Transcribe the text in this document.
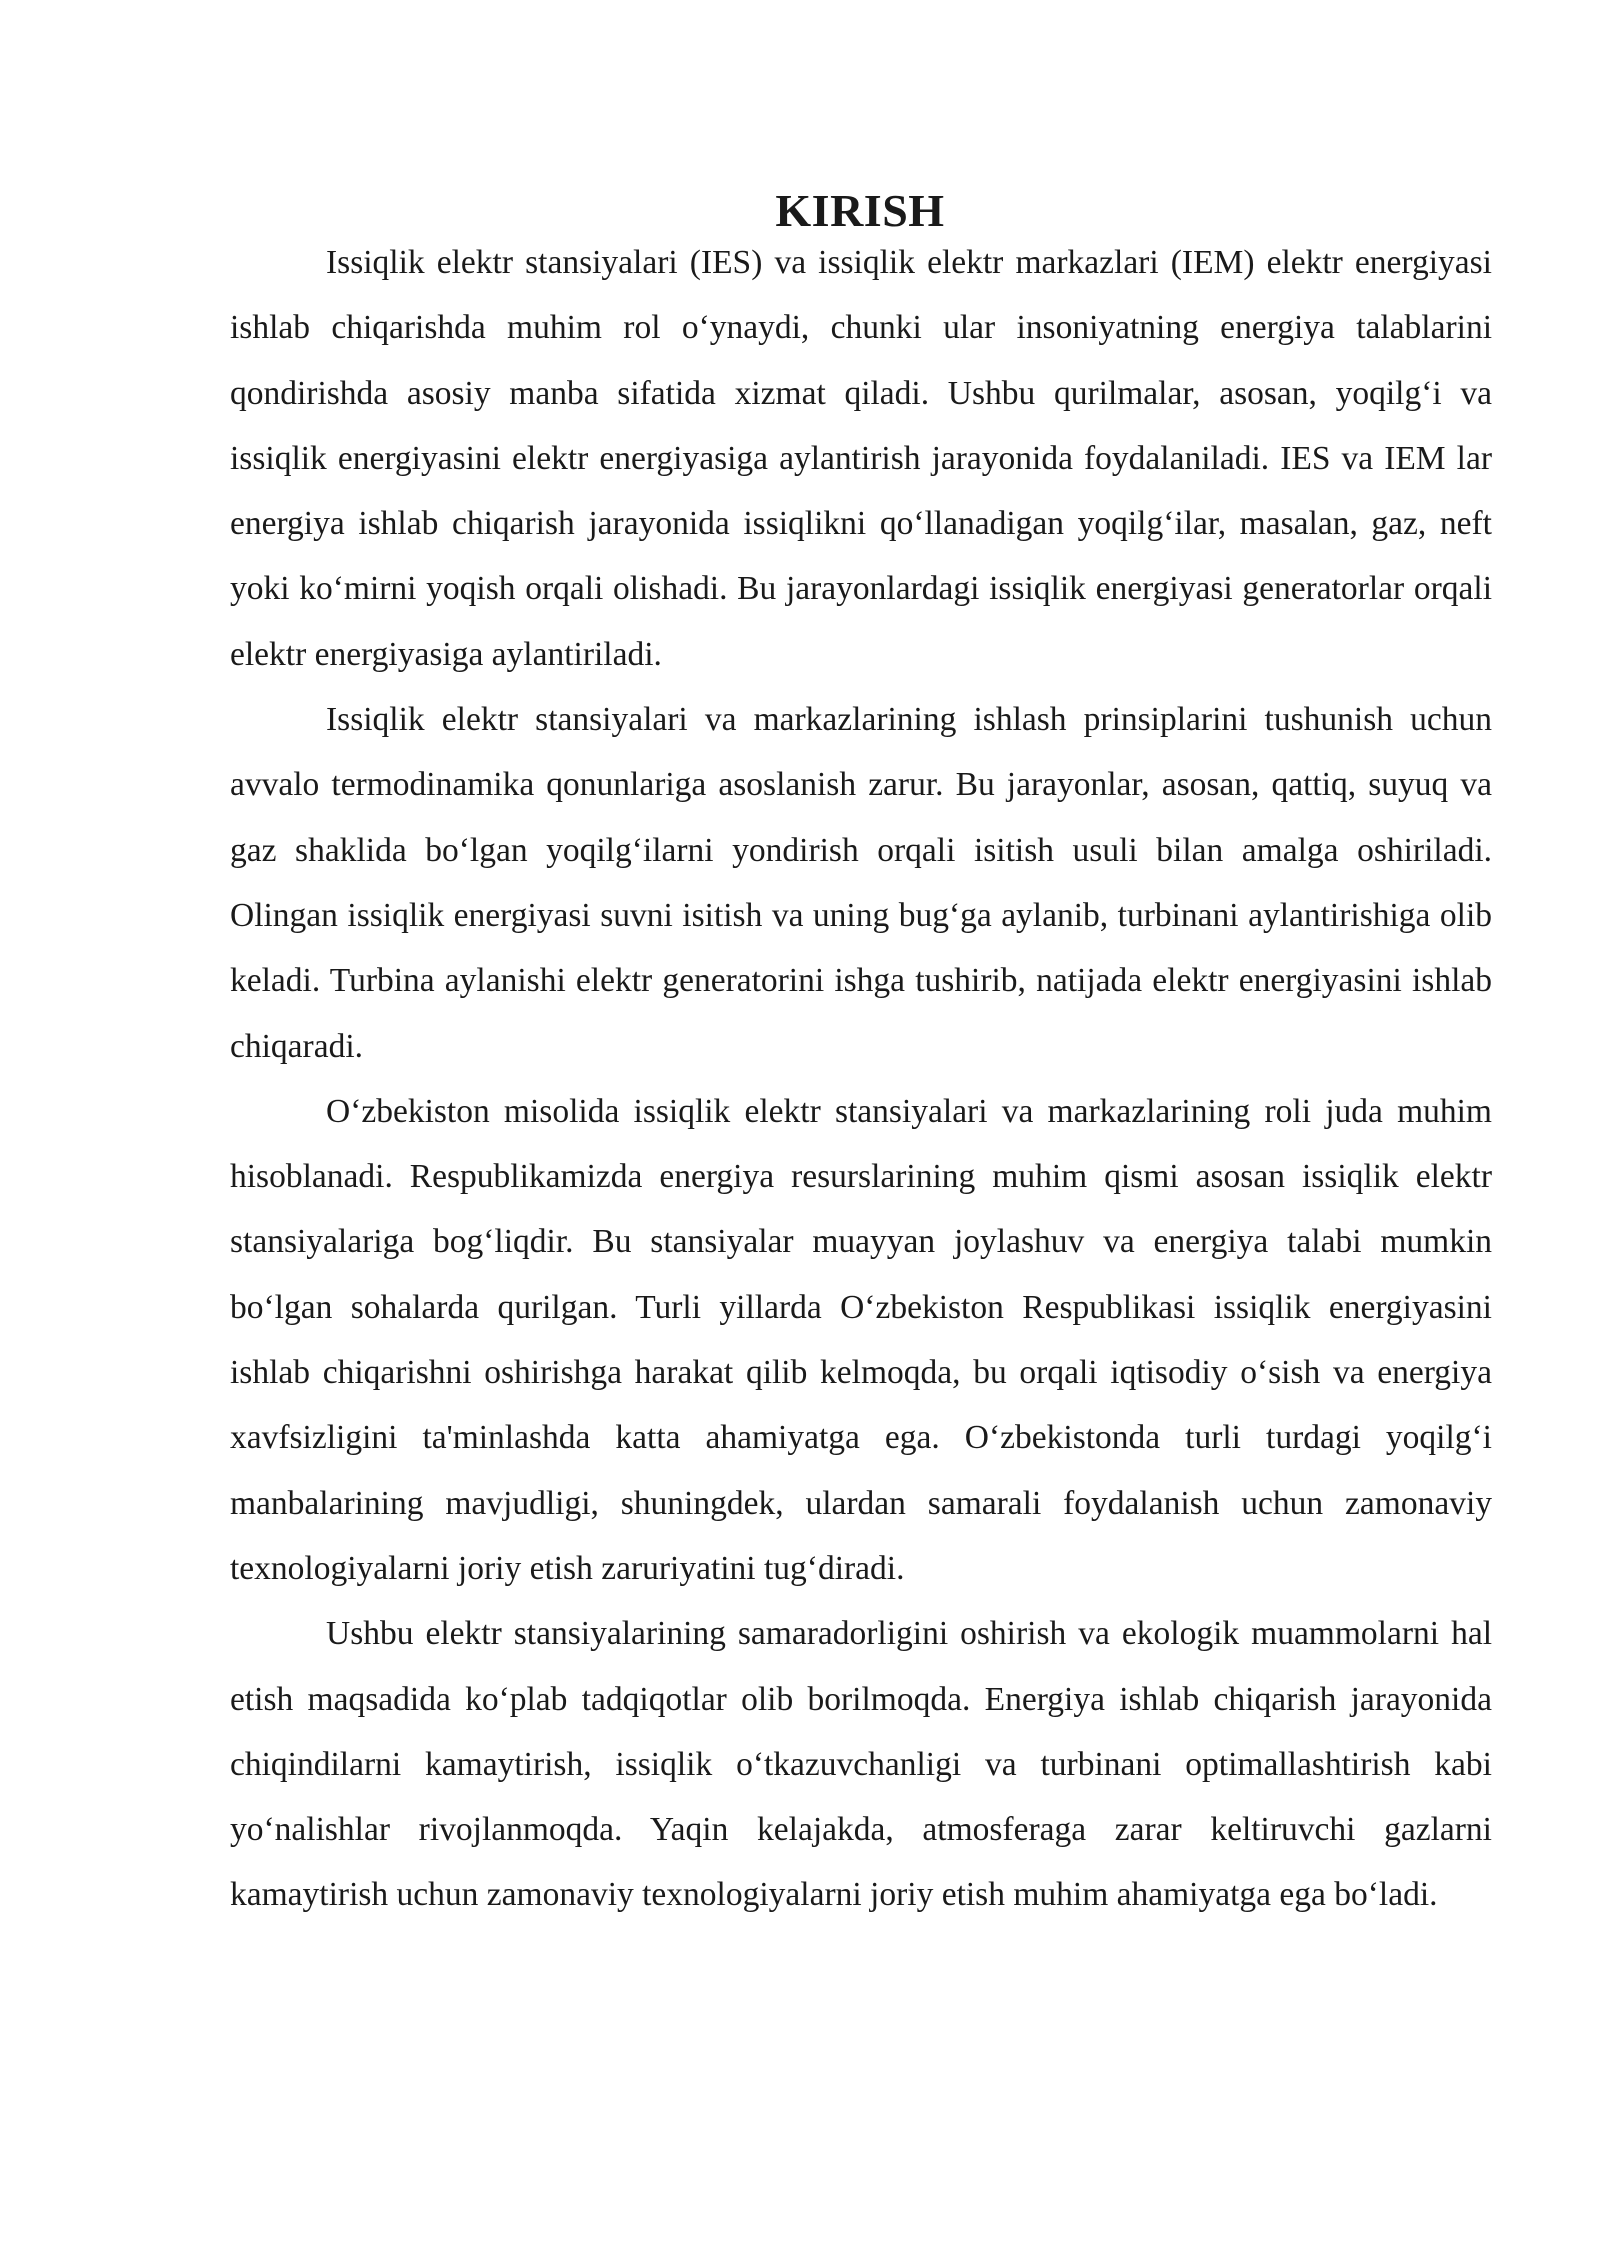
KIRISH

Issiqlik elektr stansiyalari (IES) va issiqlik elektr markazlari (IEM) elektr energiyasi ishlab chiqarishda muhim rol o‘ynaydi, chunki ular insoniyatning energiya talablarini qondirishda asosiy manba sifatida xizmat qiladi. Ushbu qurilmalar, asosan, yoqilg‘i va issiqlik energiyasini elektr energiyasiga aylantirish jarayonida foydalaniladi. IES va IEM lar energiya ishlab chiqarish jarayonida issiqlikni qo‘llanadigan yoqilg‘ilar, masalan, gaz, neft yoki ko‘mirni yoqish orqali olishadi. Bu jarayonlardagi issiqlik energiyasi generatorlar orqali elektr energiyasiga aylantiriladi.

Issiqlik elektr stansiyalari va markazlarining ishlash prinsiplarini tushunish uchun avvalo termodinamika qonunlariga asoslanish zarur. Bu jarayonlar, asosan, qattiq, suyuq va gaz shaklida bo‘lgan yoqilg‘ilarni yondirish orqali isitish usuli bilan amalga oshiriladi. Olingan issiqlik energiyasi suvni isitish va uning bug‘ga aylanib, turbinani aylantirishiga olib keladi. Turbina aylanishi elektr generatorini ishga tushirib, natijada elektr energiyasini ishlab chiqaradi.

O‘zbekiston misolida issiqlik elektr stansiyalari va markazlarining roli juda muhim hisoblanadi. Respublikamizda energiya resurslarining muhim qismi asosan issiqlik elektr stansiyalariga bog‘liqdir. Bu stansiyalar muayyan joylashuv va energiya talabi mumkin bo‘lgan sohalarda qurilgan. Turli yillarda O‘zbekiston Respublikasi issiqlik energiyasini ishlab chiqarishni oshirishga harakat qilib kelmoqda, bu orqali iqtisodiy o‘sish va energiya xavfsizligini ta'minlashda katta ahamiyatga ega. O‘zbekistonda turli turdagi yoqilg‘i manbalarining mavjudligi, shuningdek, ulardan samarali foydalanish uchun zamonaviy texnologiyalarni joriy etish zaruriyatini tug‘diradi.

Ushbu elektr stansiyalarining samaradorligini oshirish va ekologik muammolarni hal etish maqsadida ko‘plab tadqiqotlar olib borilmoqda. Energiya ishlab chiqarish jarayonida chiqindilarni kamaytirish, issiqlik o‘tkazuvchanligi va turbinani optimallashtirish kabi yo‘nalishlar rivojlanmoqda. Yaqin kelajakda, atmosferaga zarar keltiruvchi gazlarni kamaytirish uchun zamonaviy texnologiyalarni joriy etish muhim ahamiyatga ega bo‘ladi.
